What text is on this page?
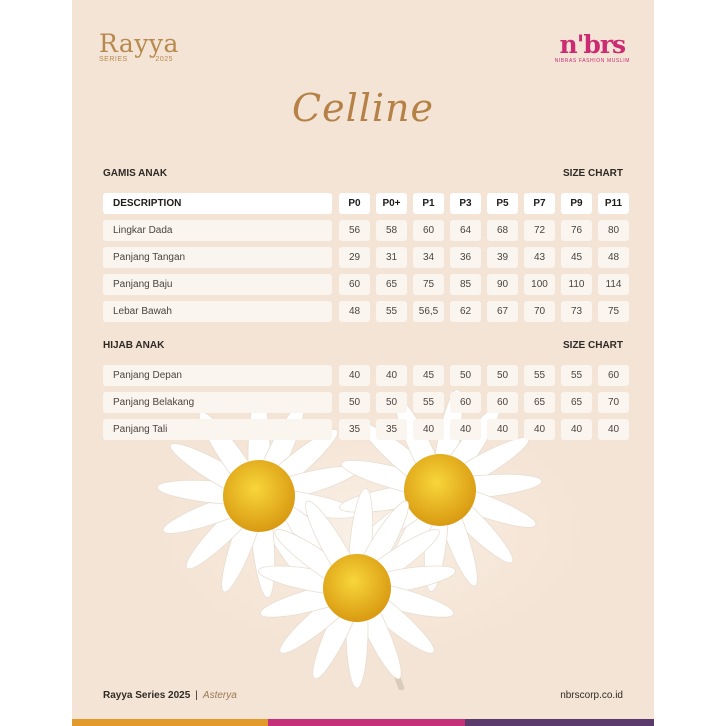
Rayya
SERIES	2025
n'brs
NIBRAS FASHION MUSLIM
Celline
GAMIS ANAK	SIZE CHART
DESCRIPTION	P0	P0+	P1	P3	P5	P7	P9	P11
Lingkar Dada	56	58	60	64	68	72	76	80
Panjang Tangan	29	31	34	36	39	43	45	48
Panjang Baju	60	65	75	85	90	100	110	114
Lebar Bawah	48	55	56,5	62	67	70	73	75
HIJAB ANAK	SIZE CHART
Panjang Depan	40	40	45	50	50	55	55	60
Panjang Belakang	50	50	55	60	60	65	65	70
Panjang Tali	35	35	40	40	40	40	40	40
Rayya Series 2025 | Asterya	nbrscorp.co.id
